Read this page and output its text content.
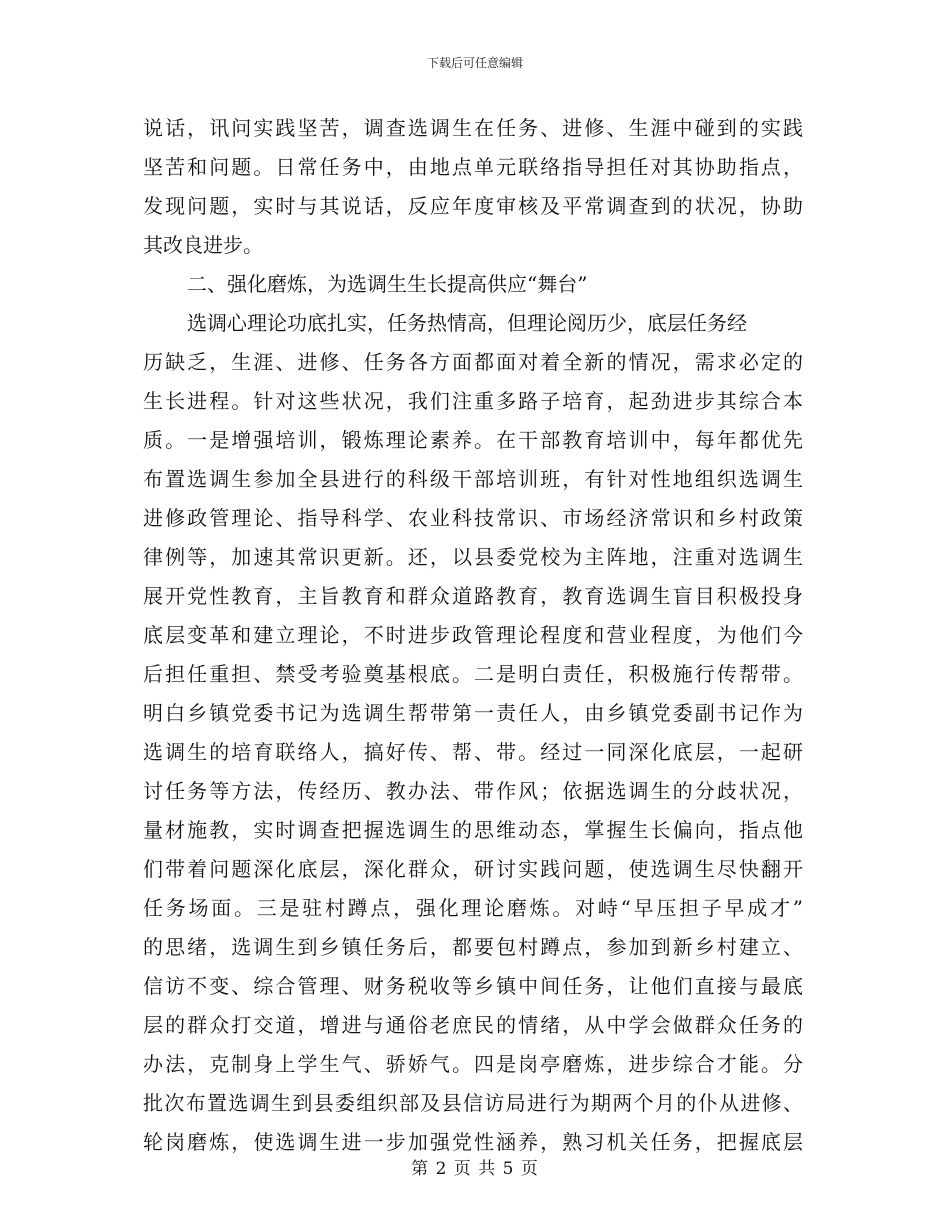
下载后可任意编辑
说话，讯问实践坚苦，调查选调生在任务、进修、生涯中碰到的实践
坚苦和问题。日常任务中，由地点单元联络指导担任对其协助指点，
发现问题，实时与其说话，反应年度审核及平常调查到的状况，协助
其改良进步。
二、强化磨炼，为选调生生长提高供应“舞台”
选调心理论功底扎实，任务热情高，但理论阅历少，底层任务经
历缺乏，生涯、进修、任务各方面都面对着全新的情况，需求必定的
生长进程。针对这些状况，我们注重多路子培育，起劲进步其综合本
质。一是增强培训，锻炼理论素养。在干部教育培训中，每年都优先
布置选调生参加全县进行的科级干部培训班，有针对性地组织选调生
进修政管理论、指导科学、农业科技常识、市场经济常识和乡村政策
律例等，加速其常识更新。还，以县委党校为主阵地，注重对选调生
展开党性教育，主旨教育和群众道路教育，教育选调生盲目积极投身
底层变革和建立理论，不时进步政管理论程度和营业程度，为他们今
后担任重担、禁受考验奠基根底。二是明白责任，积极施行传帮带。
明白乡镇党委书记为选调生帮带第一责任人，由乡镇党委副书记作为
选调生的培育联络人，搞好传、帮、带。经过一同深化底层，一起研
讨任务等方法，传经历、教办法、带作风；依据选调生的分歧状况，
量材施教，实时调查把握选调生的思维动态，掌握生长偏向，指点他
们带着问题深化底层，深化群众，研讨实践问题，使选调生尽快翻开
任务场面。三是驻村蹲点，强化理论磨炼。对峙“早压担子早成才”
的思绪，选调生到乡镇任务后，都要包村蹲点，参加到新乡村建立、
信访不变、综合管理、财务税收等乡镇中间任务，让他们直接与最底
层的群众打交道，增进与通俗老庶民的情绪，从中学会做群众任务的
办法，克制身上学生气、骄娇气。四是岗亭磨炼，进步综合才能。分
批次布置选调生到县委组织部及县信访局进行为期两个月的仆从进修、
轮岗磨炼，使选调生进一步加强党性涵养，熟习机关任务，把握底层
第 2 页 共 5 页
